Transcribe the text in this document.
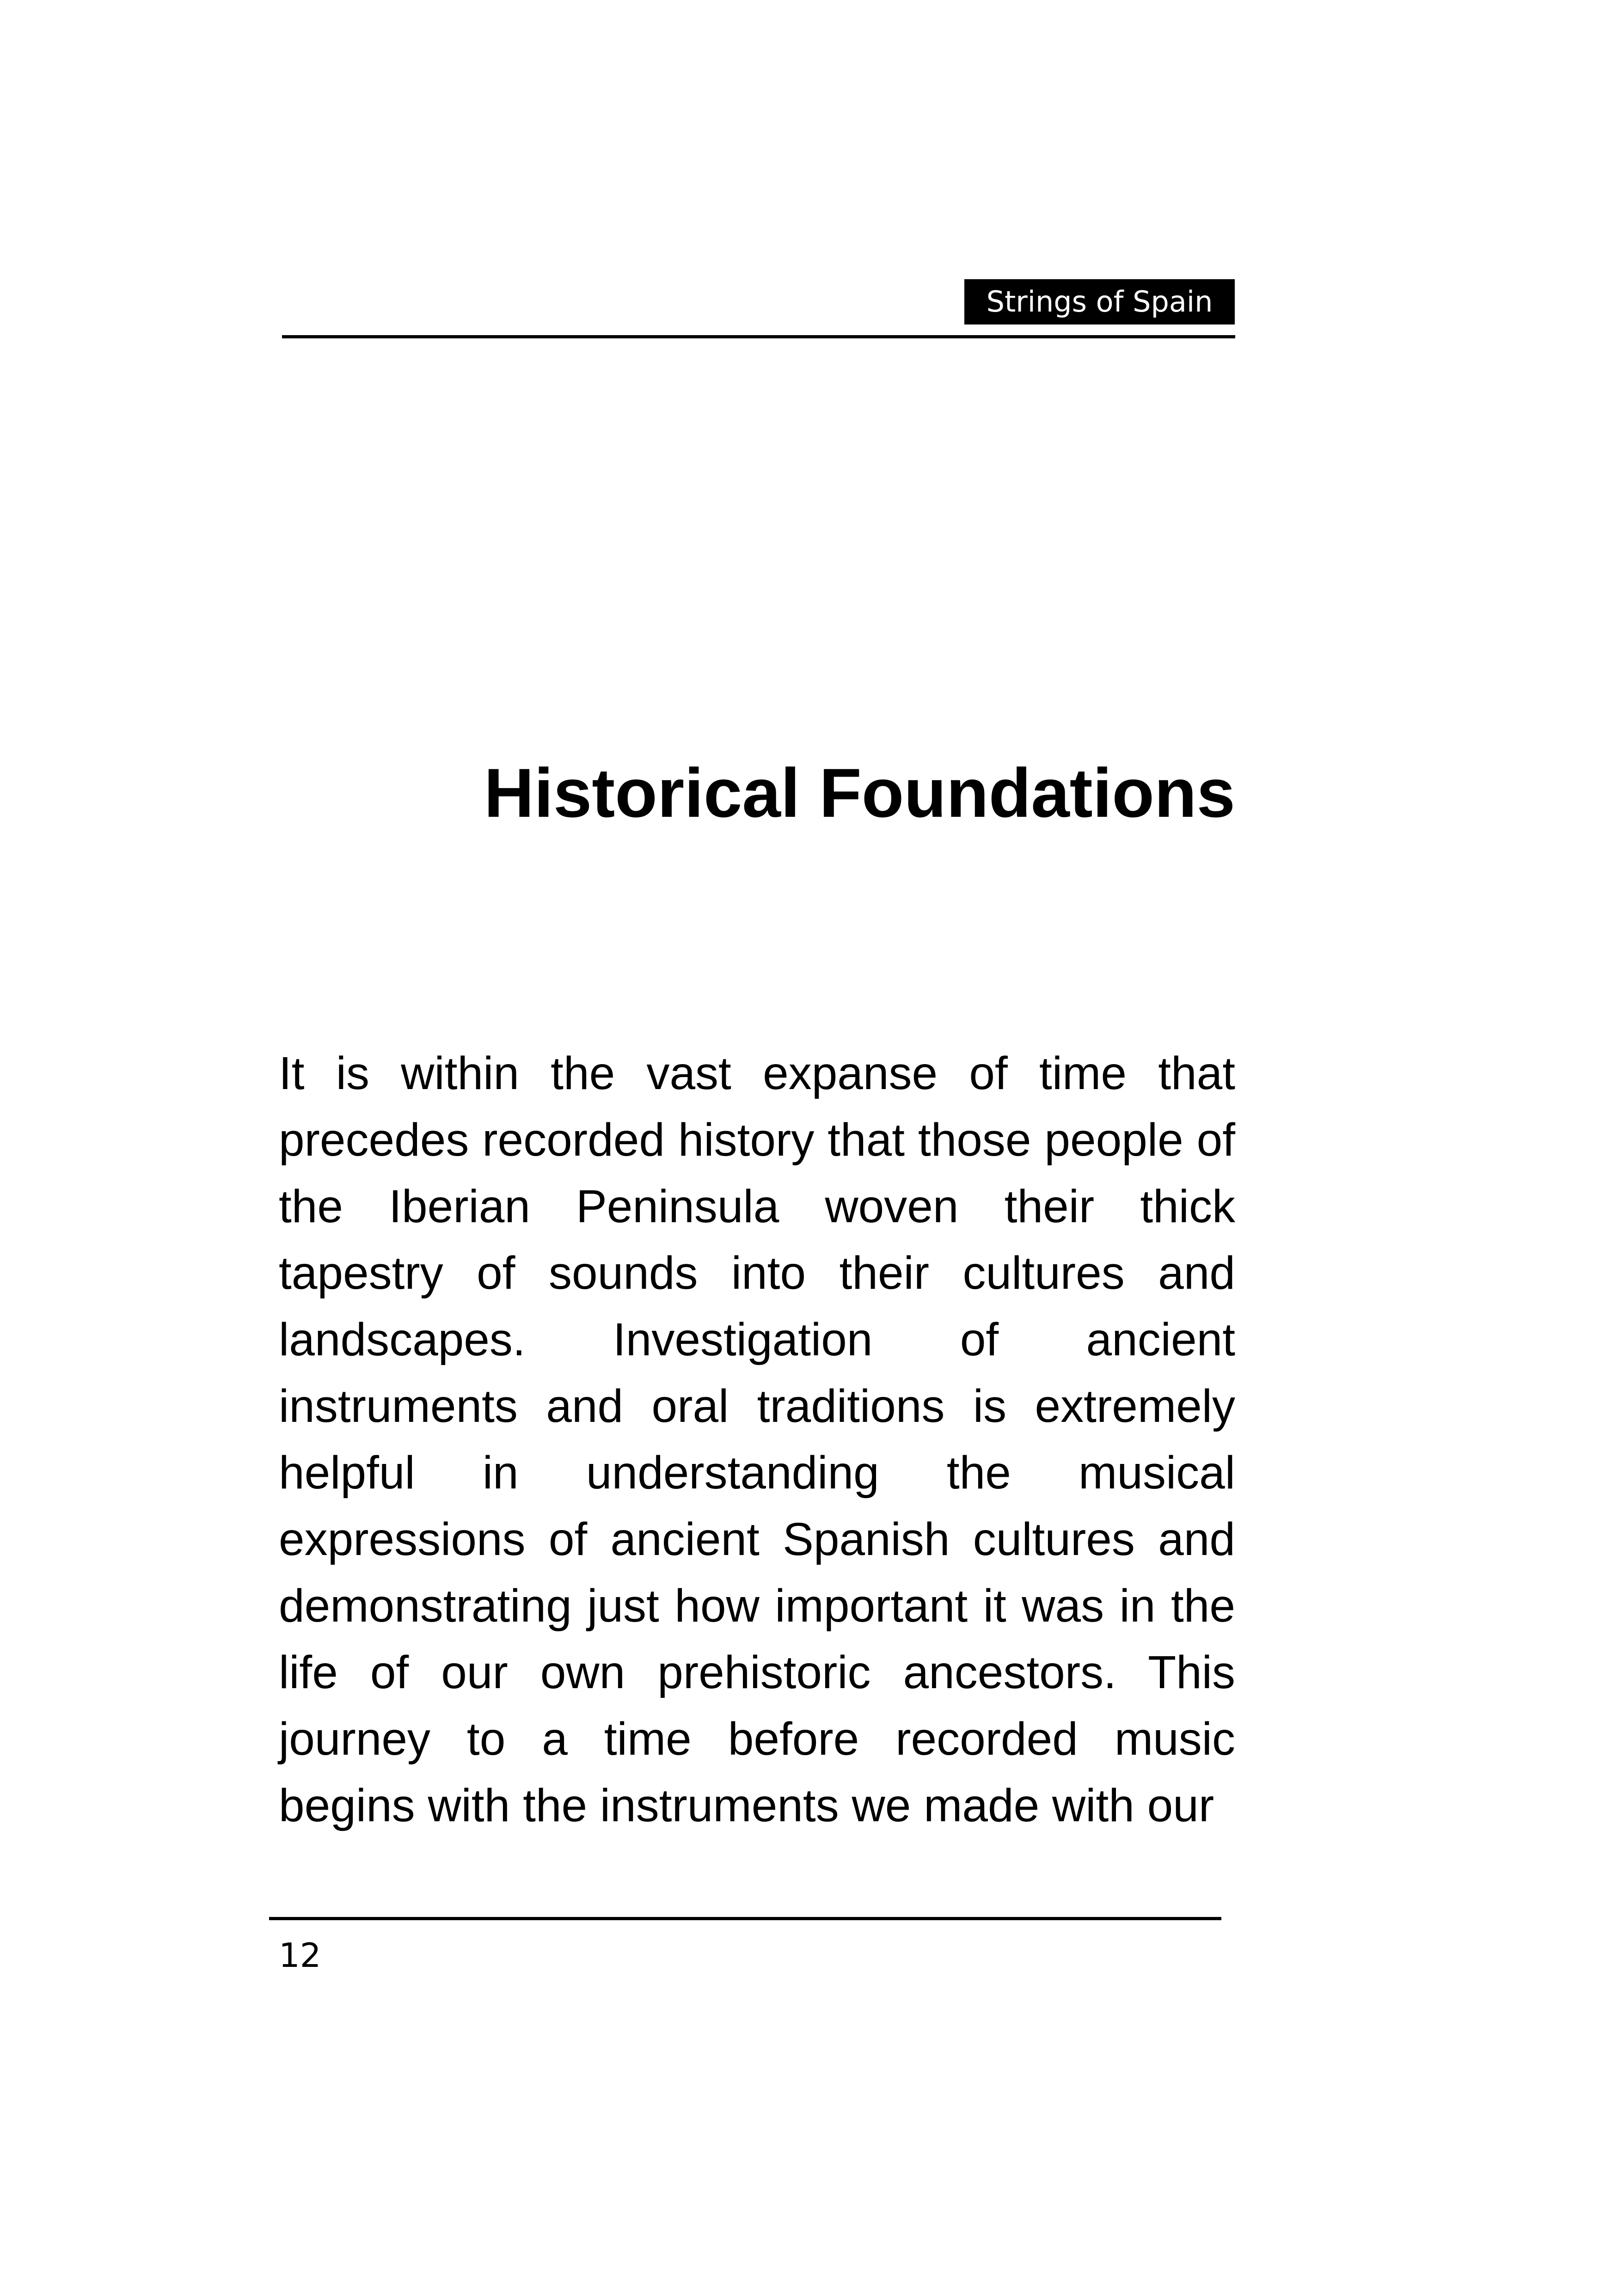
Strings of Spain
Historical Foundations

It is within the vast expanse of time that precedes recorded history that those people of the Iberian Peninsula woven their thick tapestry of sounds into their cultures and landscapes. Investigation of ancient instruments and oral traditions is extremely helpful in understanding the musical expressions of ancient Spanish cultures and demonstrating just how important it was in the life of our own prehistoric ancestors. This journey to a time before recorded music begins with the instruments we made with our

12
